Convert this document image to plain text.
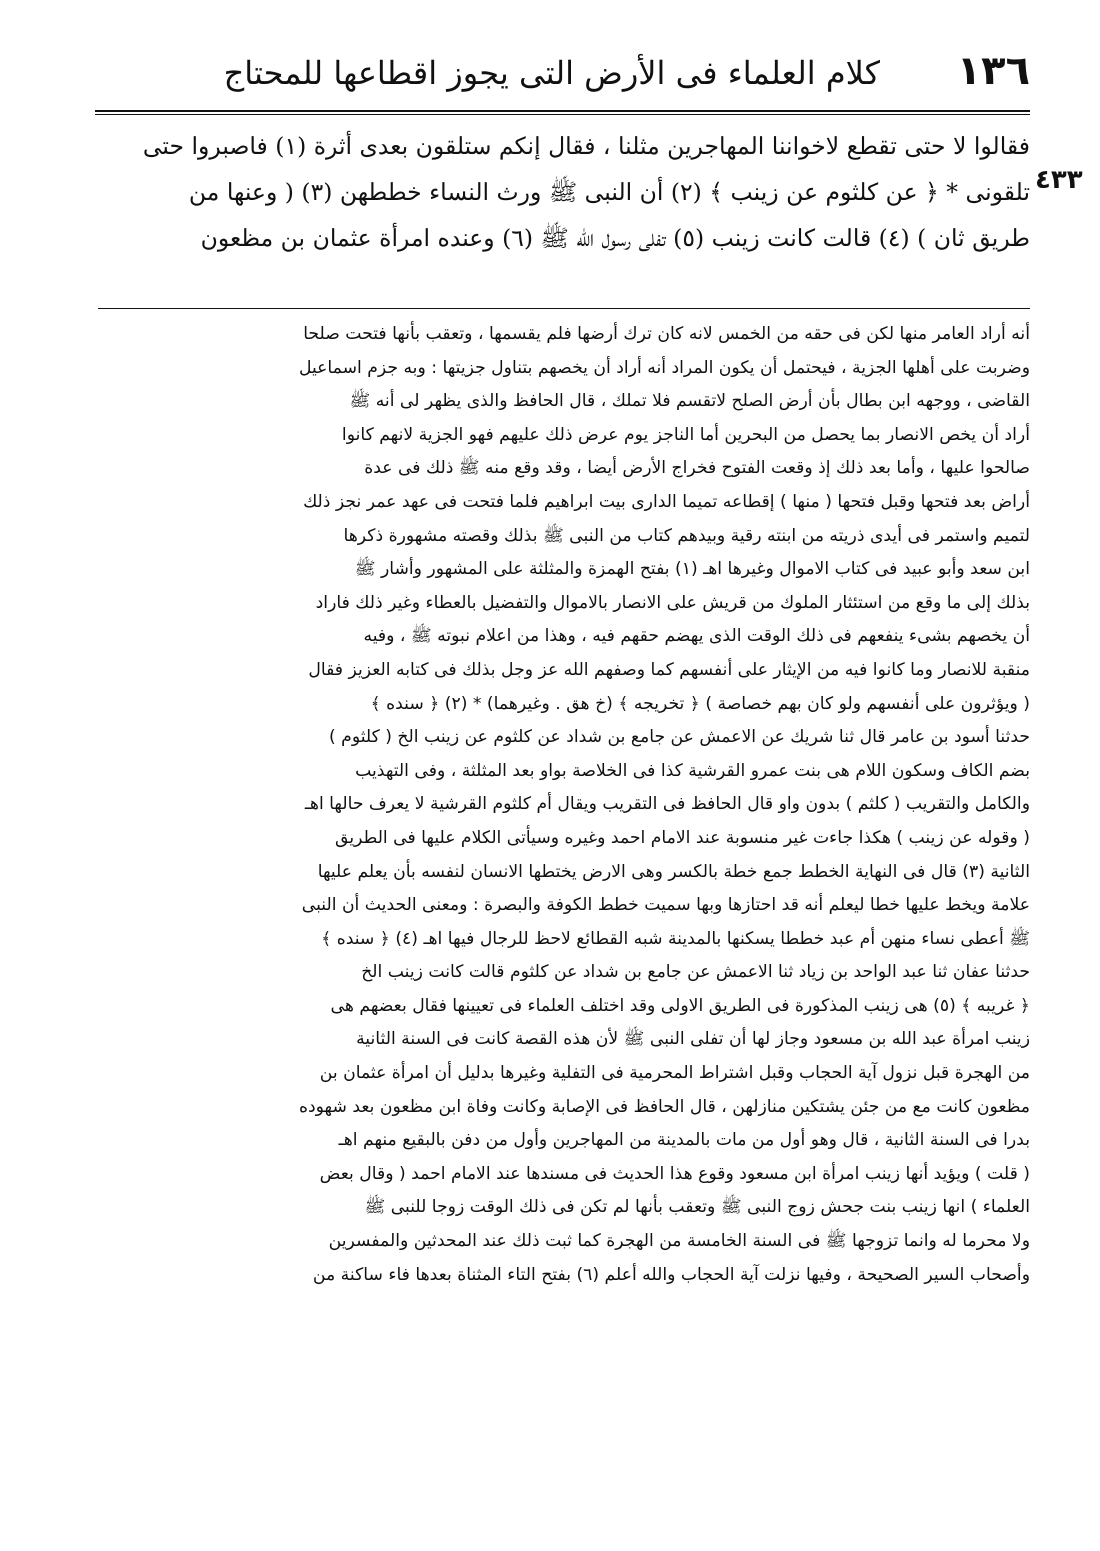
١٣٦
كلام العلماء فى الأرض التى يجوز اقطاعها للمحتاج
٤٣٣
فقالوا لا حتى تقطع لاخواننا المهاجرين مثلنا ، فقال إنكم ستلقون بعدى أثرة (١) فاصبروا حتى
تلقونى * ﴿ عن كلثوم عن زينب ﴾ (٢) أن النبى ﷺ ورث النساء خططهن (٣) ( وعنها من
طريق ثان ) (٤) قالت كانت زينب (٥) تفلى رسول الله ﷺ (٦) وعنده امرأة عثمان بن مظعون
أنه أراد العامر منها لكن فى حقه من الخمس لانه كان ترك أرضها فلم يقسمها ، وتعقب بأنها فتحت صلحا
وضربت على أهلها الجزية ، فيحتمل أن يكون المراد أنه أراد أن يخصهم بتناول جزيتها : وبه جزم اسماعيل
القاضى ، ووجهه ابن بطال بأن أرض الصلح لاتقسم فلا تملك ، قال الحافظ والذى يظهر لى أنه ﷺ
أراد أن يخص الانصار بما يحصل من البحرين أما الناجز يوم عرض ذلك عليهم فهو الجزية لانهم كانوا
صالحوا عليها ، وأما بعد ذلك إذ وقعت الفتوح فخراج الأرض أيضا ، وقد وقع منه ﷺ ذلك فى عدة
أراض بعد فتحها وقبل فتحها ( منها ) إقطاعه تميما الدارى بيت ابراهيم فلما فتحت فى عهد عمر نجز ذلك
لتميم واستمر فى أيدى ذريته من ابنته رقية وبيدهم كتاب من النبى ﷺ بذلك وقصته مشهورة ذكرها
ابن سعد وأبو عبيد فى كتاب الاموال وغيرها اهـ (١) بفتح الهمزة والمثلثة على المشهور وأشار ﷺ
بذلك إلى ما وقع من استئثار الملوك من قريش على الانصار بالاموال والتفضيل بالعطاء وغير ذلك فاراد
أن يخصهم بشىء ينفعهم فى ذلك الوقت الذى يهضم حقهم فيه ، وهذا من اعلام نبوته ﷺ ، وفيه
منقبة للانصار وما كانوا فيه من الإيثار على أنفسهم كما وصفهم الله عز وجل بذلك فى كتابه العزيز فقال
( ويؤثرون على أنفسهم ولو كان بهم خصاصة ) ﴿ تخريجه ﴾ (خ هق . وغيرهما) * (٢) ﴿ سنده ﴾
حدثنا أسود بن عامر قال ثنا شريك عن الاعمش عن جامع بن شداد عن كلثوم عن زينب الخ ( كلثوم )
بضم الكاف وسكون اللام هى بنت عمرو القرشية كذا فى الخلاصة بواو بعد المثلثة ، وفى التهذيب
والكامل والتقريب ( كلثم ) بدون واو قال الحافظ فى التقريب ويقال أم كلثوم القرشية لا يعرف حالها اهـ
( وقوله عن زينب ) هكذا جاءت غير منسوبة عند الامام احمد وغيره وسيأتى الكلام عليها فى الطريق
الثانية (٣) قال فى النهاية الخطط جمع خطة بالكسر وهى الارض يختطها الانسان لنفسه بأن يعلم عليها
علامة ويخط عليها خطا ليعلم أنه قد احتازها وبها سميت خطط الكوفة والبصرة : ومعنى الحديث أن النبى
ﷺ أعطى نساء منهن أم عبد خططا يسكنها بالمدينة شبه القطائع لاحظ للرجال فيها اهـ (٤) ﴿ سنده ﴾
حدثنا عفان ثنا عبد الواحد بن زياد ثنا الاعمش عن جامع بن شداد عن كلثوم قالت كانت زينب الخ
﴿ غريبه ﴾ (٥) هى زينب المذكورة فى الطريق الاولى وقد اختلف العلماء فى تعيينها فقال بعضهم هى
زينب امرأة عبد الله بن مسعود وجاز لها أن تفلى النبى ﷺ لأن هذه القصة كانت فى السنة الثانية
من الهجرة قبل نزول آية الحجاب وقبل اشتراط المحرمية فى التفلية وغيرها بدليل أن امرأة عثمان بن
مظعون كانت مع من جئن يشتكين منازلهن ، قال الحافظ فى الإصابة وكانت وفاة ابن مظعون بعد شهوده
بدرا فى السنة الثانية ، قال وهو أول من مات بالمدينة من المهاجرين وأول من دفن بالبقيع منهم اهـ
( قلت ) ويؤيد أنها زينب امرأة ابن مسعود وقوع هذا الحديث فى مسندها عند الامام احمد ( وقال بعض
العلماء ) انها زينب بنت جحش زوج النبى ﷺ وتعقب بأنها لم تكن فى ذلك الوقت زوجا للنبى ﷺ
ولا محرما له وانما تزوجها ﷺ فى السنة الخامسة من الهجرة كما ثبت ذلك عند المحدثين والمفسرين
وأصحاب السير الصحيحة ، وفيها نزلت آية الحجاب والله أعلم (٦) بفتح التاء المثناة بعدها فاء ساكنة من
